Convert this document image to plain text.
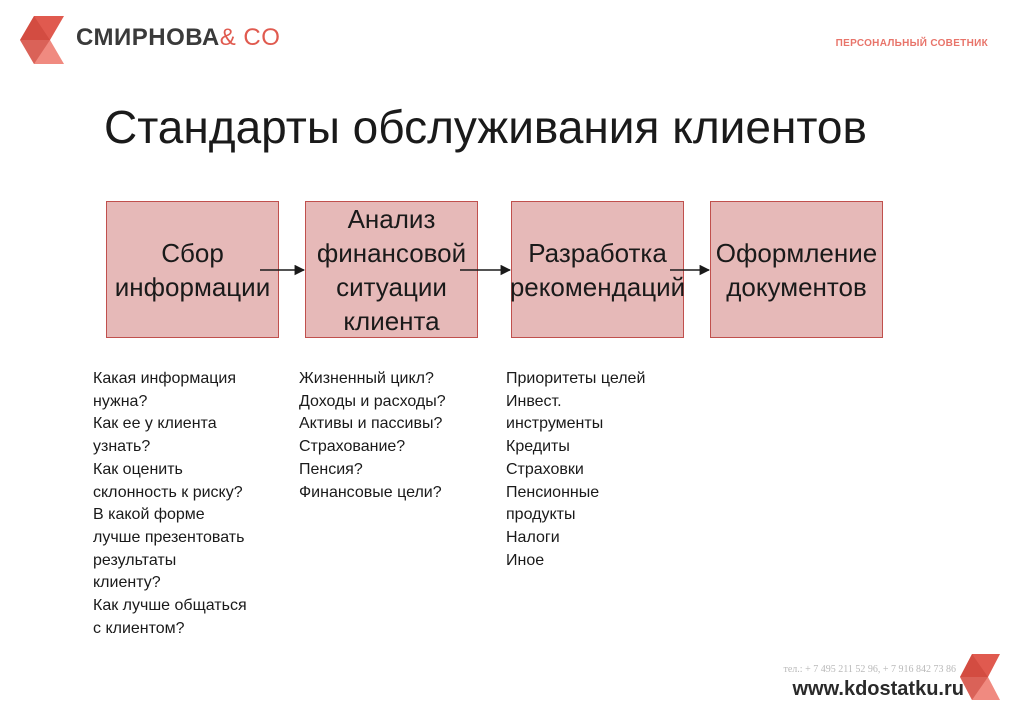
СМИРНОВА& CO	ПЕРСОНАЛЬНЫЙ СОВЕТНИК
Стандарты обслуживания клиентов
Сбор
информации
Анализ
финансовой
ситуации
клиента
Разработка
рекомендаций
Оформление
документов
Какая информация
нужна?
Как ее у клиента
узнать?
Как оценить
склонность к риску?
В какой форме
лучше презентовать
результаты
клиенту?
Как лучше общаться
с клиентом?
Жизненный цикл?
Доходы и расходы?
Активы и пассивы?
Страхование?
Пенсия?
Финансовые цели?
Приоритеты целей
Инвест.
инструменты
Кредиты
Страховки
Пенсионные
продукты
Налоги
Иное
тел.: + 7 495 211 52 96, + 7 916 842 73 86
www.kdostatku.ru
